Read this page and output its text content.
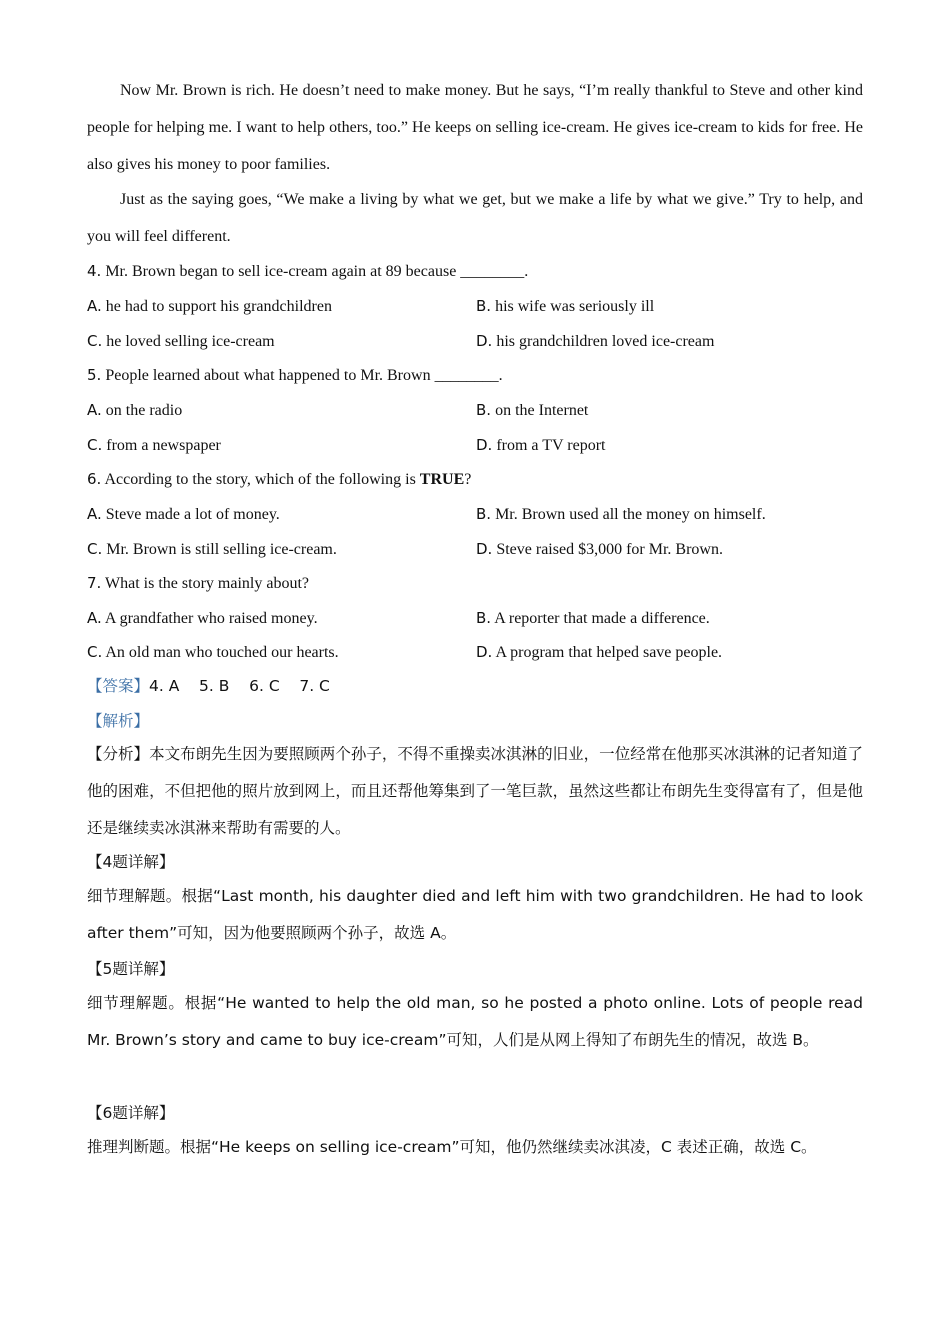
Now Mr. Brown is rich. He doesn’t need to make money. But he says, “I’m really thankful to Steve and other kind people for helping me. I want to help others, too.” He keeps on selling ice-cream. He gives ice-cream to kids for free. He also gives his money to poor families.
Just as the saying goes, “We make a living by what we get, but we make a life by what we give.” Try to help, and you will feel different.
4. Mr. Brown began to sell ice-cream again at 89 because ________.
A. he had to support his grandchildren	B. his wife was seriously ill
C. he loved selling ice-cream	D. his grandchildren loved ice-cream
5. People learned about what happened to Mr. Brown ________.
A. on the radio	B. on the Internet
C. from a newspaper	D. from a TV report
6. According to the story, which of the following is TRUE?
A. Steve made a lot of money.	B. Mr. Brown used all the money on himself.
C. Mr. Brown is still selling ice-cream.	D. Steve raised $3,000 for Mr. Brown.
7. What is the story mainly about?
A. A grandfather who raised money.	B. A reporter that made a difference.
C. An old man who touched our hearts.	D. A program that helped save people.
【答案】4. A    5. B    6. C    7. C
【解析】
【分析】本文布朗先生因为要照顾两个孙子，不得不重操卖冰淇淋的旧业，一位经常在他那买冰淇淋的记者知道了他的困难，不但把他的照片放到网上，而且还帮他筹集到了一笔巨款，虽然这些都让布朗先生变得富有了，但是他还是继续卖冰淇淋来帮助有需要的人。
【4题详解】
细节理解题。根据“Last month, his daughter died and left him with two grandchildren. He had to look after them”可知，因为他要照顾两个孙子，故选 A。
【5题详解】
细节理解题。根据“He wanted to help the old man, so he posted a photo online. Lots of people read Mr. Brown’s story and came to buy ice-cream”可知，人们是从网上得知了布朗先生的情况，故选 B。
【6题详解】
推理判断题。根据“He keeps on selling ice-cream”可知，他仍然继续卖冰淇凌，C 表述正确，故选 C。
